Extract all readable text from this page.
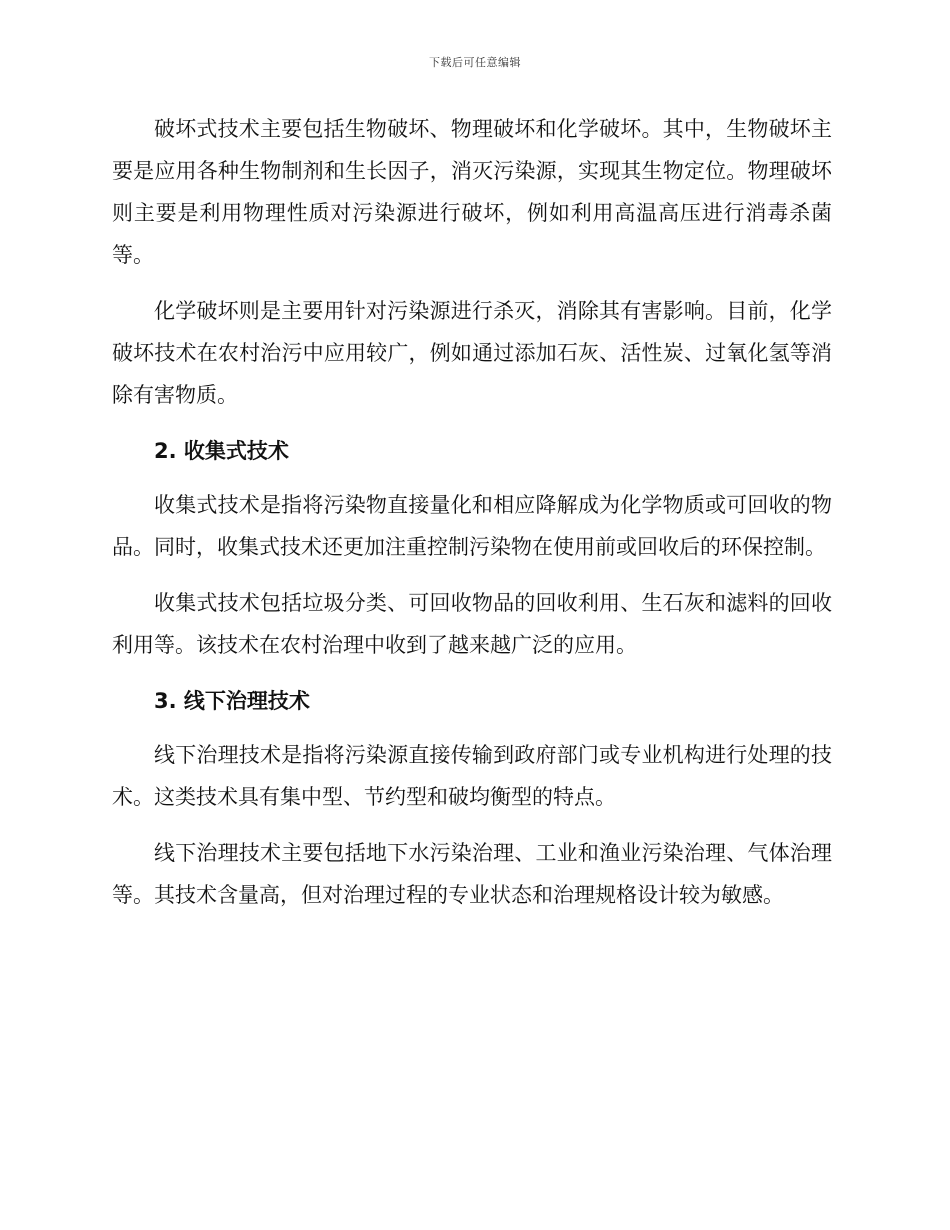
下载后可任意编辑

破坏式技术主要包括生物破坏、物理破坏和化学破坏。其中，生物破坏主要是应用各种生物制剂和生长因子，消灭污染源，实现其生物定位。物理破坏则主要是利用物理性质对污染源进行破坏，例如利用高温高压进行消毒杀菌等。

化学破坏则是主要用针对污染源进行杀灭，消除其有害影响。目前，化学破坏技术在农村治污中应用较广，例如通过添加石灰、活性炭、过氧化氢等消除有害物质。

2. 收集式技术

收集式技术是指将污染物直接量化和相应降解成为化学物质或可回收的物品。同时，收集式技术还更加注重控制污染物在使用前或回收后的环保控制。

收集式技术包括垃圾分类、可回收物品的回收利用、生石灰和滤料的回收利用等。该技术在农村治理中收到了越来越广泛的应用。

3. 线下治理技术

线下治理技术是指将污染源直接传输到政府部门或专业机构进行处理的技术。这类技术具有集中型、节约型和破均衡型的特点。

线下治理技术主要包括地下水污染治理、工业和渔业污染治理、气体治理等。其技术含量高，但对治理过程的专业状态和治理规格设计较为敏感。
